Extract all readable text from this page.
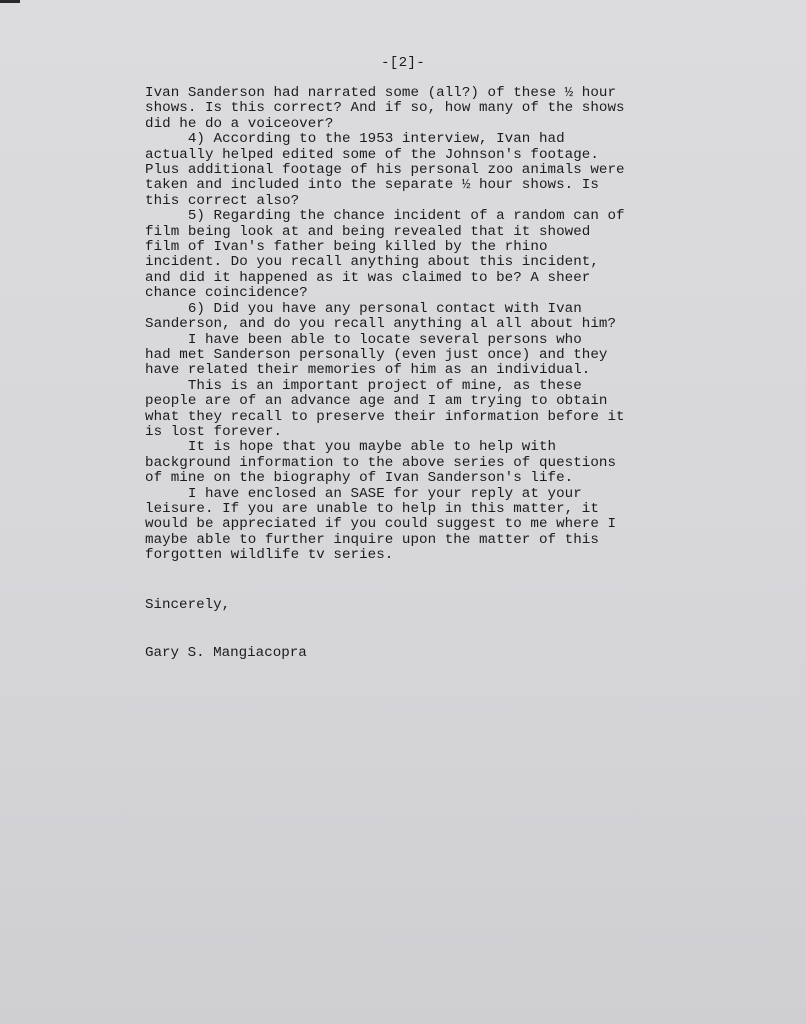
-[2]-
Ivan Sanderson had narrated some (all?) of these ½ hour
shows. Is this correct? And if so, how many of the shows
did he do a voiceover?
4) According to the 1953 interview, Ivan had
actually helped edited some of the Johnson's footage.
Plus additional footage of his personal zoo animals were
taken and included into the separate ½ hour shows. Is
this correct also?
5) Regarding the chance incident of a random can of
film being look at and being revealed that it showed
film of Ivan's father being killed by the rhino
incident. Do you recall anything about this incident,
and did it happened as it was claimed to be? A sheer
chance coincidence?
6) Did you have any personal contact with Ivan
Sanderson, and do you recall anything al all about him?
I have been able to locate several persons who
had met Sanderson personally (even just once) and they
have related their memories of him as an individual.
This is an important project of mine, as these
people are of an advance age and I am trying to obtain
what they recall to preserve their information before it
is lost forever.
It is hope that you maybe able to help with
background information to the above series of questions
of mine on the biography of Ivan Sanderson's life.
I have enclosed an SASE for your reply at your
leisure. If you are unable to help in this matter, it
would be appreciated if you could suggest to me where I
maybe able to further inquire upon the matter of this
forgotten wildlife tv series.
Sincerely,
Gary S. Mangiacopra
